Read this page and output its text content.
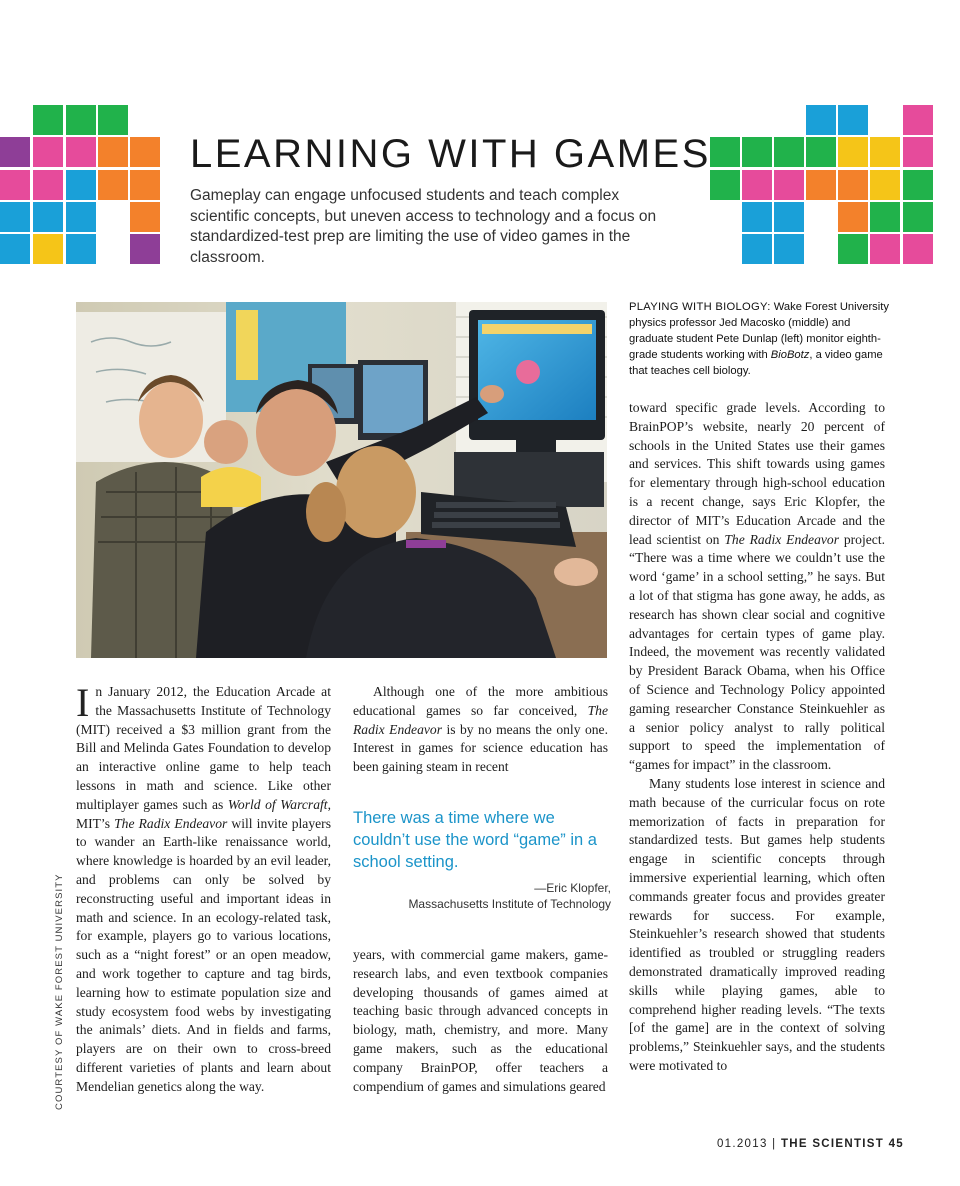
LEARNING WITH GAMES
Gameplay can engage unfocused students and teach complex scientific concepts, but uneven access to technology and a focus on standardized-test prep are limiting the use of video games in the classroom.
PLAYING WITH BIOLOGY: Wake Forest University physics professor Jed Macosko (middle) and graduate student Pete Dunlap (left) monitor eighth-grade students working with BioBotz, a video game that teaches cell biology.

In January 2012, the Education Arcade at the Massachusetts Institute of Technology (MIT) received a $3 million grant from the Bill and Melinda Gates Foundation to develop an interactive online game to help teach lessons in math and science. Like other multiplayer games such as World of Warcraft, MIT’s The Radix Endeavor will invite players to wander an Earth-like renaissance world, where knowledge is hoarded by an evil leader, and problems can only be solved by reconstructing useful and important ideas in math and science. In an ecology-related task, for example, players go to various locations, such as a “night forest” or an open meadow, and work together to capture and tag birds, learning how to estimate population size and study ecosystem food webs by investigating the animals’ diets. And in fields and farms, players are on their own to cross-breed different varieties of plants and learn about Mendelian genetics along the way.

Although one of the more ambitious educational games so far conceived, The Radix Endeavor is by no means the only one. Interest in games for science education has been gaining steam in recent

There was a time where we couldn’t use the word “game” in a school setting.

—Eric Klopfer,
Massachusetts Institute of Technology

years, with commercial game makers, game-research labs, and even textbook companies developing thousands of games aimed at teaching basic through advanced concepts in biology, math, chemistry, and more. Many game makers, such as the educational company BrainPOP, offer teachers a compendium of games and simulations geared

toward specific grade levels. According to BrainPOP’s website, nearly 20 percent of schools in the United States use their games and services. This shift towards using games for elementary through high-school education is a recent change, says Eric Klopfer, the director of MIT’s Education Arcade and the lead scientist on The Radix Endeavor project. “There was a time where we couldn’t use the word ‘game’ in a school setting,” he says. But a lot of that stigma has gone away, he adds, as research has shown clear social and cognitive advantages for certain types of game play. Indeed, the movement was recently validated by President Barack Obama, when his Office of Science and Technology Policy appointed gaming researcher Constance Steinkuehler as a senior policy analyst to rally political support to speed the implementation of “games for impact” in the classroom.

Many students lose interest in science and math because of the curricular focus on rote memorization of facts in preparation for standardized tests. But games help students engage in scientific concepts through immersive experiential learning, which often commands greater focus and provides greater rewards for success. For example, Steinkuehler’s research showed that students identified as troubled or struggling readers demonstrated dramatically improved reading skills while playing games, able to comprehend higher reading levels. “The texts [of the game] are in the context of solving problems,” Steinkuehler says, and the students were motivated to

COURTESY OF WAKE FOREST UNIVERSITY
01.2013 | THE SCIENTIST 45
